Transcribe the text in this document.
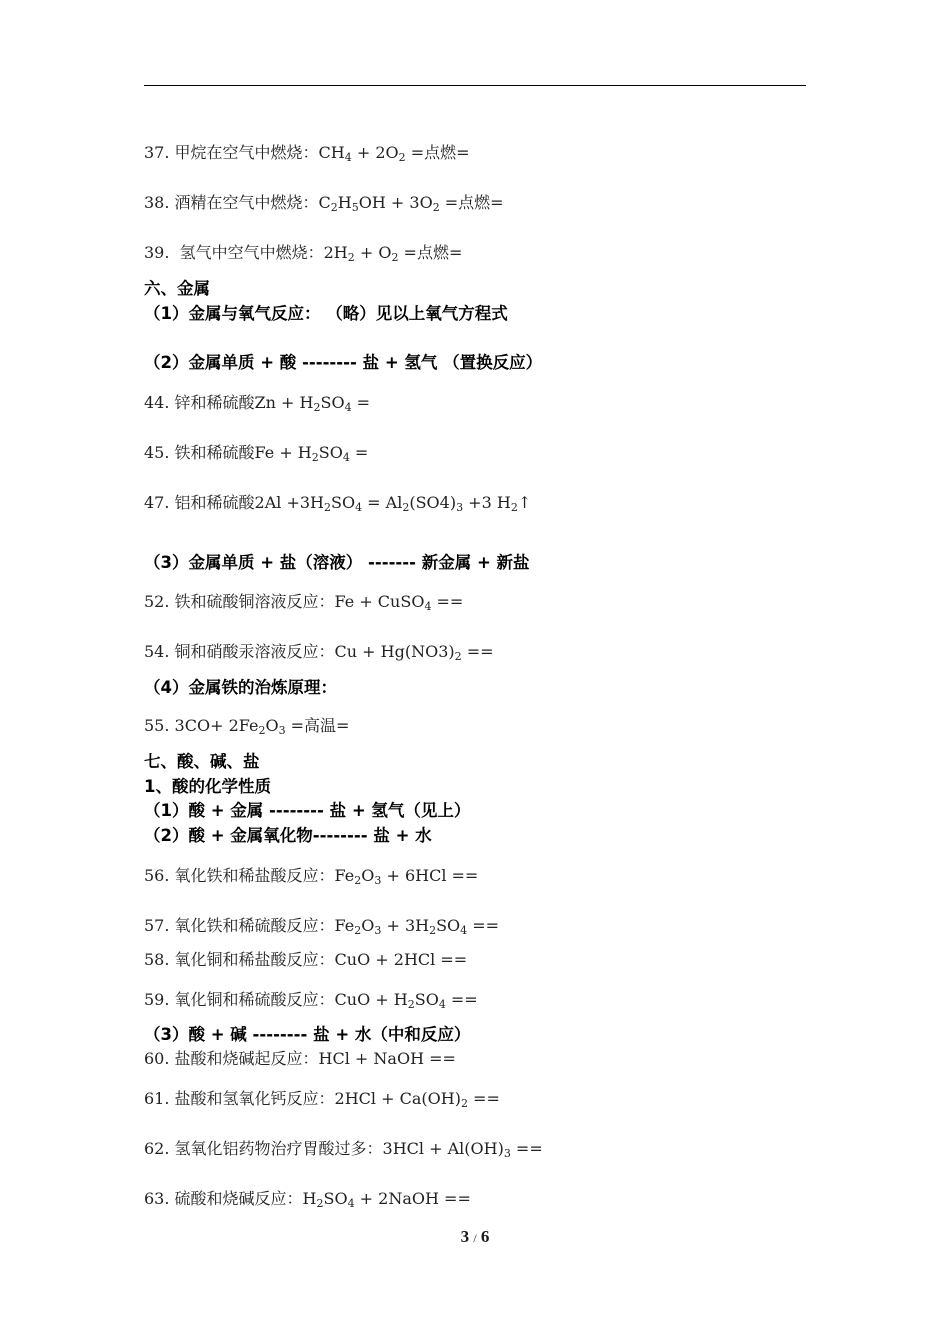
37. 甲烷在空气中燃烧：$CH_4 + 2O_2$ =点燃=
38. 酒精在空气中燃烧：$C_2H_5OH + 3O_2$ =点燃=
39.  氢气中空气中燃烧：$2H_2 + O_2$ =点燃=
六、金属
（1）金属与氧气反应： （略）见以上氧气方程式
（2）金属单质 + 酸 -------- 盐 + 氢气 （置换反应）
44. 锌和稀硫酸$Zn + H_2SO_4$ =
45. 铁和稀硫酸$Fe + H_2SO_4$ =
47. 铝和稀硫酸$2Al +3H_2SO_4 = Al_2(SO4)_3 +3$ $H_2↑$
（3）金属单质 + 盐（溶液） ------- 新金属 + 新盐
52. 铁和硫酸铜溶液反应：Fe + CuSO$_4$ ==
54. 铜和硝酸汞溶液反应：$Cu + Hg(NO3)_2$ ==
（4）金属铁的治炼原理：
55. $3CO+ 2Fe_2O_3$ =高温=
七、酸、碱、盐
1、酸的化学性质
（1）酸 + 金属 -------- 盐 + 氢气（见上）
（2）酸 + 金属氧化物-------- 盐 + 水
56. 氧化铁和稀盐酸反应：$Fe_2O_3 + 6HCl$ ==
57. 氧化铁和稀硫酸反应：$Fe_2O_3 + 3H_2SO_4$ ==
58. 氧化铜和稀盐酸反应：CuO + 2HCl ==
59. 氧化铜和稀硫酸反应：CuO + $H_2SO_4$ ==
（3）酸 + 碱 -------- 盐 + 水（中和反应）
60. 盐酸和烧碱起反应：HCl + NaOH ==
61. 盐酸和氢氧化钙反应：$2HCl + Ca(OH)_2$ ==
62. 氢氧化铝药物治疗胃酸过多：$3HCl + Al(OH)_3$ ==
63. 硫酸和烧碱反应：$H_2SO_4$ + 2NaOH ==
3 / 6
